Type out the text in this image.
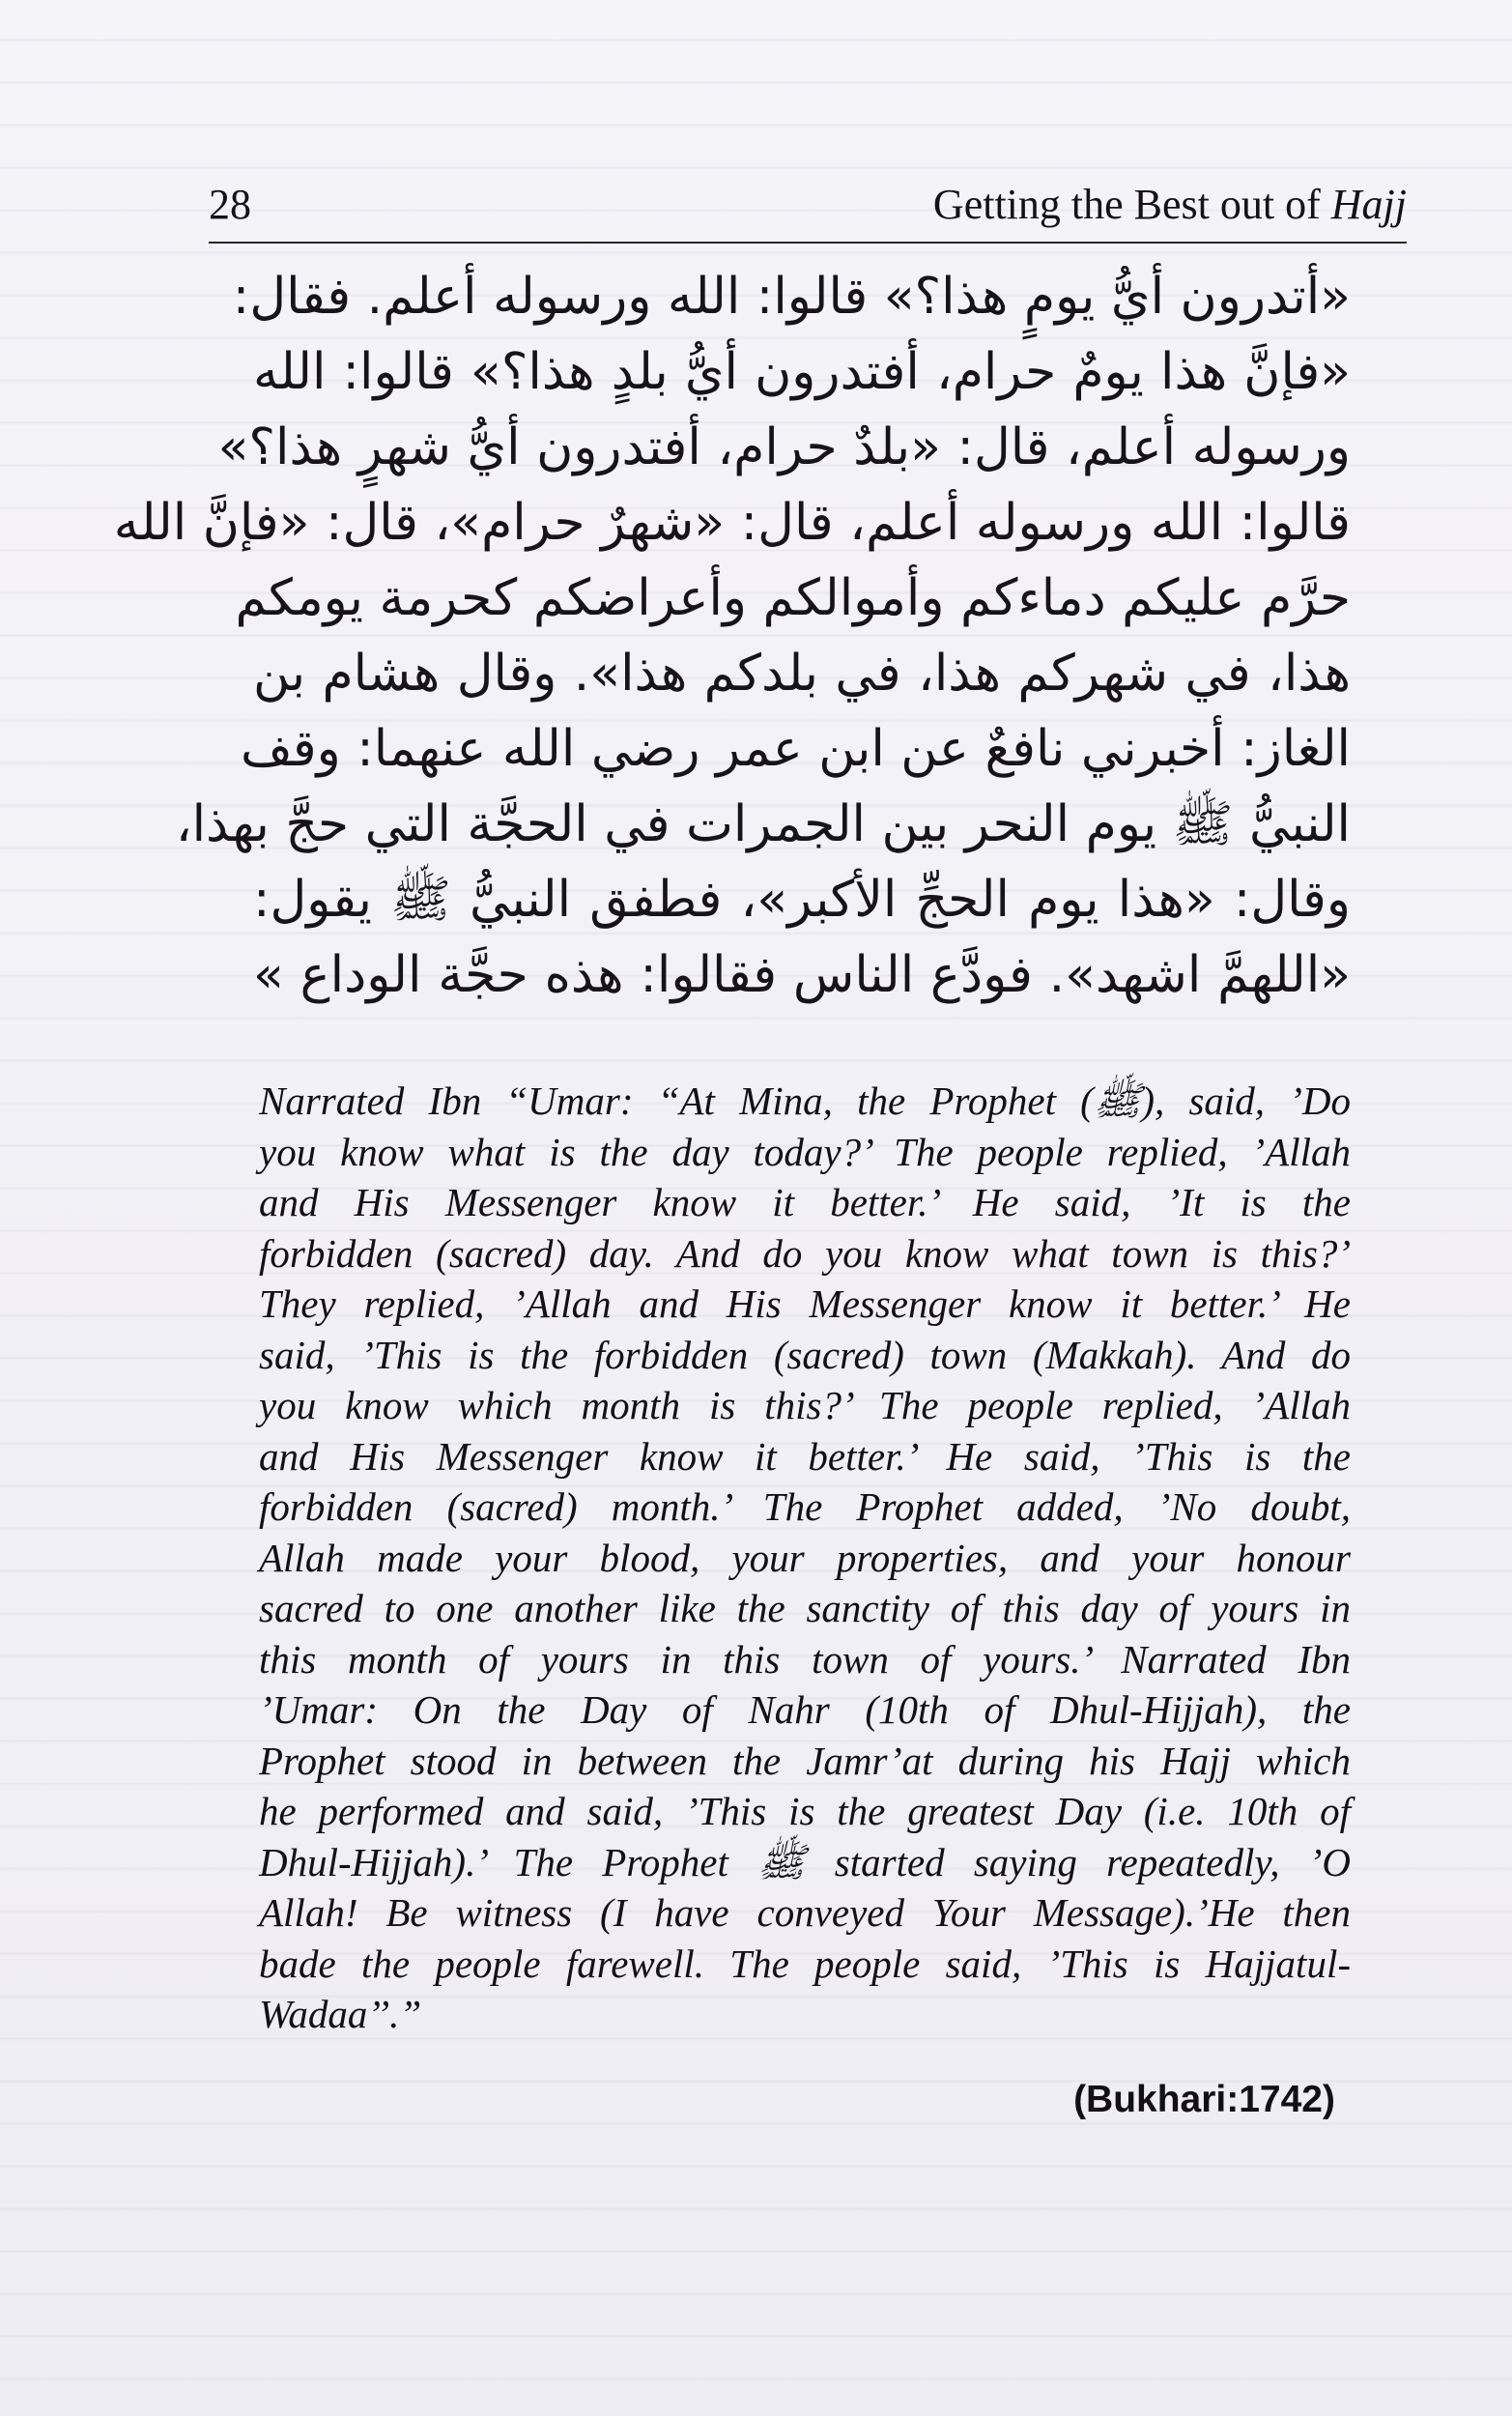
28	Getting the Best out of Hajj
«أتدرون أيُّ يومٍ هذا؟» قالوا: الله ورسوله أعلم. فقال:
«فإنَّ هذا يومٌ حرام، أفتدرون أيُّ بلدٍ هذا؟» قالوا: الله
ورسوله أعلم، قال: «بلدٌ حرام، أفتدرون أيُّ شهرٍ هذا؟»
قالوا: الله ورسوله أعلم، قال: «شهرٌ حرام»، قال: «فإنَّ الله
حرَّم عليكم دماءكم وأموالكم وأعراضكم كحرمة يومكم
هذا، في شهركم هذا، في بلدكم هذا». وقال هشام بن
الغاز: أخبرني نافعٌ عن ابن عمر رضي الله عنهما: وقف
النبيُّ ﷺ يوم النحر بين الجمرات في الحجَّة التي حجَّ بهذا،
وقال: «هذا يوم الحجِّ الأكبر»، فطفق النبيُّ ﷺ يقول:
«اللهمَّ اشهد». فودَّع الناس فقالوا: هذه حجَّة الوداع »
Narrated Ibn “Umar: “At Mina, the Prophet (ﷺ), said, ’Do
you know what is the day today?’ The people replied, ’Allah
and His Messenger know it better.’ He said, ’It is the
forbidden (sacred) day. And do you know what town is this?’
They replied, ’Allah and His Messenger know it better.’ He
said, ’This is the forbidden (sacred) town (Makkah). And do
you know which month is this?’ The people replied, ’Allah
and His Messenger know it better.’ He said, ’This is the
forbidden (sacred) month.’ The Prophet added, ’No doubt,
Allah made your blood, your properties, and your honour
sacred to one another like the sanctity of this day of yours in
this month of yours in this town of yours.’ Narrated Ibn
’Umar: On the Day of Nahr (10th of Dhul-Hijjah), the
Prophet stood in between the Jamr’at during his Hajj which
he performed and said, ’This is the greatest Day (i.e. 10th of
Dhul-Hijjah).’ The Prophet ﷺ started saying repeatedly, ’O
Allah! Be witness (I have conveyed Your Message).’He then
bade the people farewell. The people said, ’This is Hajjatul-
Wadaa’’.”
(Bukhari:1742)
